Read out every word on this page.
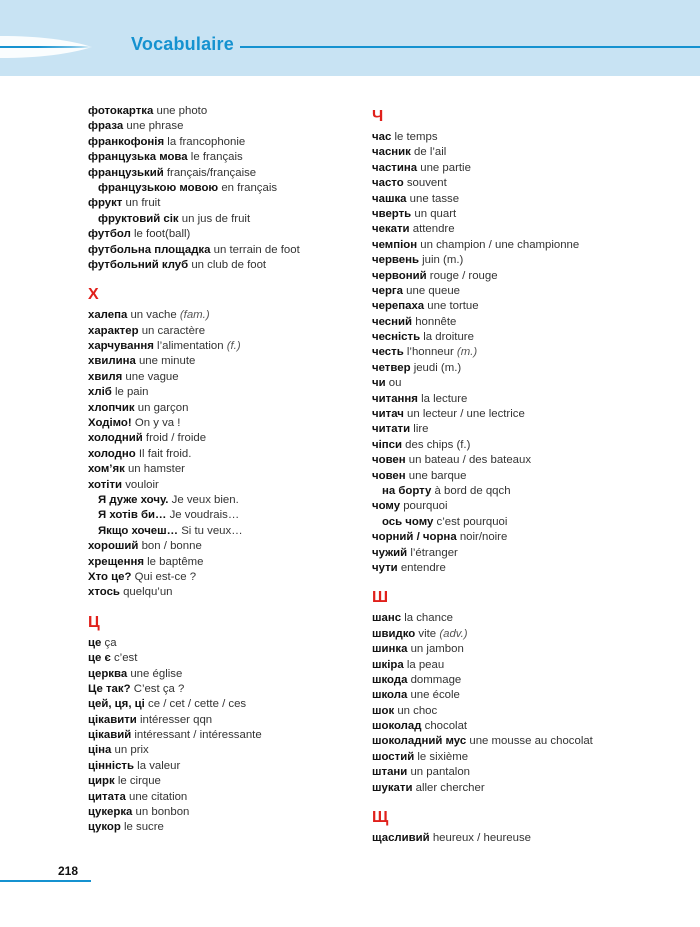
Vocabulaire
фотокартка une photo
фраза une phrase
франкофонія la francophonie
французька мова le français
французький français/française
французькою мовою en français
фрукт un fruit
фруктовий сік un jus de fruit
футбол le foot(ball)
футбольна площадка un terrain de foot
футбольний клуб un club de foot
Х
халепа un vache (fam.)
характер un caractère
харчування l’alimentation (f.)
хвилина une minute
хвиля une vague
хліб le pain
хлопчик un garçon
Ходімо! On y va !
холодний froid / froide
холодно Il fait froid.
хом’як un hamster
хотіти vouloir
Я дуже хочу. Je veux bien.
Я хотів би… Je voudrais…
Якщо хочеш… Si tu veux…
хороший bon / bonne
хрещення le baptême
Хто це? Qui est-ce ?
хтось quelqu’un
Ц
це ça
це є c’est
церква une église
Це так? C’est ça ?
цей, ця, ці ce / cet / cette / ces
цікавити intéresser qqn
цікавий intéressant / intéressante
ціна un prix
цінність la valeur
цирк le cirque
цитата une citation
цукерка un bonbon
цукор le sucre
Ч
час le temps
часник de l’ail
частина une partie
часто souvent
чашка une tasse
чверть un quart
чекати attendre
чемпіон un champion / une championne
червень juin (m.)
червоний rouge / rouge
черга une queue
черепаха une tortue
чесний honnête
чесність la droiture
честь l’honneur (m.)
четвер jeudi (m.)
чи ou
читання la lecture
читач un lecteur / une lectrice
читати lire
чіпси des chips (f.)
човен un bateau / des bateaux
човен une barque
на борту à bord de qqch
чому pourquoi
ось чому c’est pourquoi
чорний / чорна noir/noire
чужий l’étranger
чути entendre
Ш
шанс la chance
швидко vite (adv.)
шинка un jambon
шкіра la peau
шкода dommage
школа une école
шок un choc
шоколад chocolat
шоколадний мус une mousse au chocolat
шостий le sixième
штани un pantalon
шукати aller chercher
Щ
щасливий heureux / heureuse
218
